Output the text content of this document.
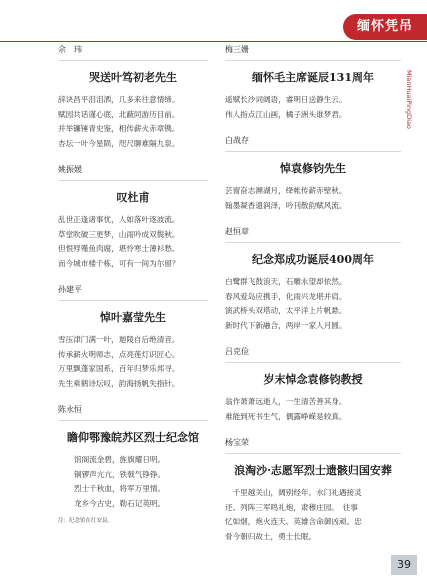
缅怀凭吊
MianHuaiPingDiao
佘　玮
哭送叶笃初老先生

辞诀昌平泪泪洒，几多来往意情缔。

赋园共话谨心底，北蔽同游历目前。

并举镰锤青史鉴，相传薪火赤章镌。

杏坛一叶今星陨，咫尺聊难隔九泉。

姚振媛
叹杜甫

乱世正逢诸事忧，人如落叶逐波流。

草堂吹破三更梦，山雨吟成双鬓秋。

但恨殍殣鱼肉腐，堪怜寒士薄衫愁。

而今城市楼千栋，可有一间为尔留？

孙建平
悼叶嘉莹先生

雪压津门满一叶，迦陵自后绝清音。

传承薪火明师志，点亮莲灯识匠心。

万里飘蓬家国系，百年归梦乐邦寻。

先生乘鹤诗坛叹，韵海扬帆失指针。

陈永恒
瞻仰鄂豫皖苏区烈士纪念馆

馆阁流金碧，旌旗耀日明。

铜锣声亢亢，铁戟气铮铮。

烈士千秋血，将军万里情。

龙乡今古史，勒石记英明。

注：纪念馆在红安县。
梅三姗
缅怀毛主席诞辰131周年

遥赋长沙词阔语，睿明日送静生云。

伟人指点江山画，橘子洲头谁梦君。

白战存
悼袁修钧先生

芸窗奋志濒湖月，绛帐传薪赤壁秋。

翰墨凝香遗润泽，吟刊散韵赋风流。

赵恒章
纪念郑成功诞辰400周年

白鹭群飞鼓浪天，石雕永望却依然。

春风爱岛应携手，化雨兴龙堪并肩。

演武桥头双塔动，太平洋上片帆悬。

新时代下新融合，两岸一家人月圆。

吕克俭
岁末悼念袁修钧教授

翁作萧萧远逝人，一生清苦善其身。

难能到死书生气，偶露峥嵘是较真。

杨宝荣
浪淘沙·志愿军烈士遗骸归国安葬

　千里越关山，阔别经年。水门礼遇接灵

还。列阵三军鸣礼炮，肃穆庄园。　往事

忆如烟，炮火连天。英雄含命御凶顽。忠

骨今朝归故土，勇士长眠。

39
